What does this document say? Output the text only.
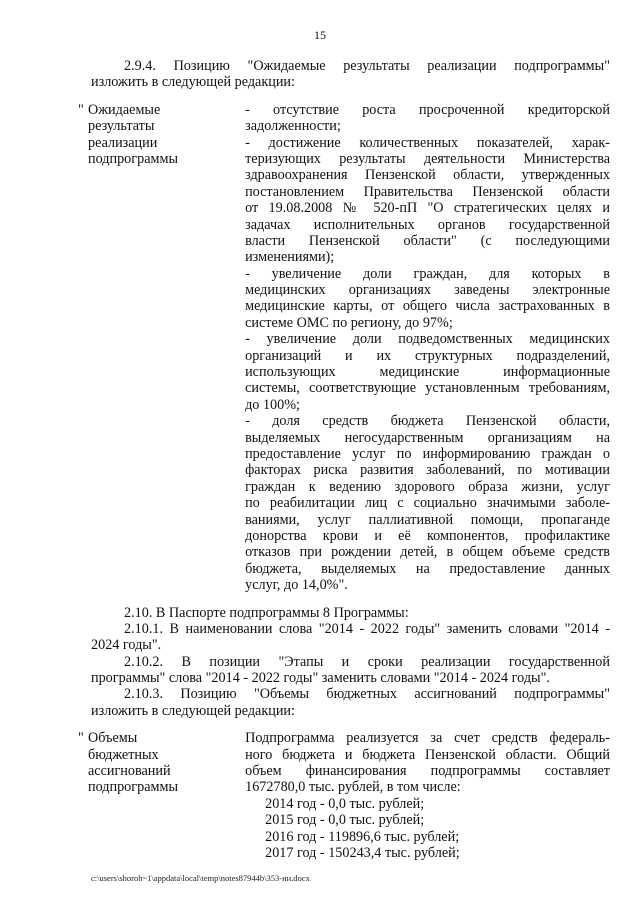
15
2.9.4. Позицию "Ожидаемые результаты реализации подпрограммы"
изложить в следующей редакции:
" Ожидаемые
результаты
реализации
подпрограммы
- отсутствие роста просроченной кредиторской
задолженности;
- достижение количественных показателей, харак-
теризующих результаты деятельности Министерства
здравоохранения Пензенской области, утвержденных
постановлением Правительства Пензенской области
от 19.08.2008 № 520-пП "О стратегических целях и
задачах исполнительных органов государственной
власти Пензенской области" (с последующими
изменениями);
- увеличение доли граждан, для которых в
медицинских организациях заведены электронные
медицинские карты, от общего числа застрахованных в
системе ОМС по региону, до 97%;
- увеличение доли подведомственных медицинских
организаций и их структурных подразделений,
использующих медицинские информационные
системы, соответствующие установленным требованиям,
до 100%;
- доля средств бюджета Пензенской области,
выделяемых негосударственным организациям на
предоставление услуг по информированию граждан о
факторах риска развития заболеваний, по мотивации
граждан к ведению здорового образа жизни, услуг
по реабилитации лиц с социально значимыми заболе-
ваниями, услуг паллиативной помощи, пропаганде
донорства крови и её компонентов, профилактике
отказов при рождении детей, в общем объеме средств
бюджета, выделяемых на предоставление данных
услуг, до 14,0%".
2.10. В Паспорте подпрограммы 8 Программы:
2.10.1. В наименовании слова "2014 - 2022 годы" заменить словами "2014 -
2024 годы".
2.10.2. В позиции "Этапы и сроки реализации государственной
программы" слова "2014 - 2022 годы" заменить словами "2014 - 2024 годы".
2.10.3. Позицию "Объемы бюджетных ассигнований подпрограммы"
изложить в следующей редакции:
" Объемы
бюджетных
ассигнований
подпрограммы
Подпрограмма реализуется за счет средств федераль-
ного бюджета и бюджета Пензенской области. Общий
объем финансирования подпрограммы составляет
1672780,0 тыс. рублей, в том числе:
2014 год - 0,0 тыс. рублей;
2015 год - 0,0 тыс. рублей;
2016 год - 119896,6 тыс. рублей;
2017 год - 150243,4 тыс. рублей;
c:\users\shoroh~1\appdata\local\temp\notes87944b\353-ин.docx
